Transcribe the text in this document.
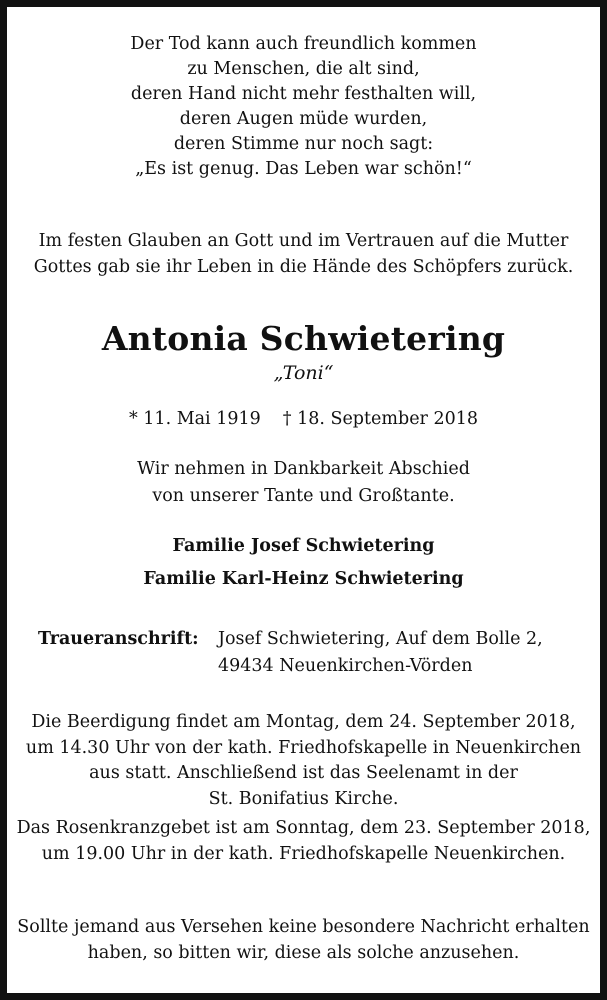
Der Tod kann auch freundlich kommen
zu Menschen, die alt sind,
deren Hand nicht mehr festhalten will,
deren Augen müde wurden,
deren Stimme nur noch sagt:
„Es ist genug. Das Leben war schön!“
Im festen Glauben an Gott und im Vertrauen auf die Mutter
Gottes gab sie ihr Leben in die Hände des Schöpfers zurück.
Antonia Schwietering
„Toni“
* 11. Mai 1919 † 18. September 2018
Wir nehmen in Dankbarkeit Abschied
von unserer Tante und Großtante.
Familie Josef Schwietering
Familie Karl-Heinz Schwietering
Traueranschrift: Josef Schwietering, Auf dem Bolle 2,
49434 Neuenkirchen-Vörden
Die Beerdigung findet am Montag, dem 24. September 2018,
um 14.30 Uhr von der kath. Friedhofskapelle in Neuenkirchen
aus statt. Anschließend ist das Seelenamt in der
St. Bonifatius Kirche.
Das Rosenkranzgebet ist am Sonntag, dem 23. September 2018,
um 19.00 Uhr in der kath. Friedhofskapelle Neuenkirchen.
Sollte jemand aus Versehen keine besondere Nachricht erhalten
haben, so bitten wir, diese als solche anzusehen.
